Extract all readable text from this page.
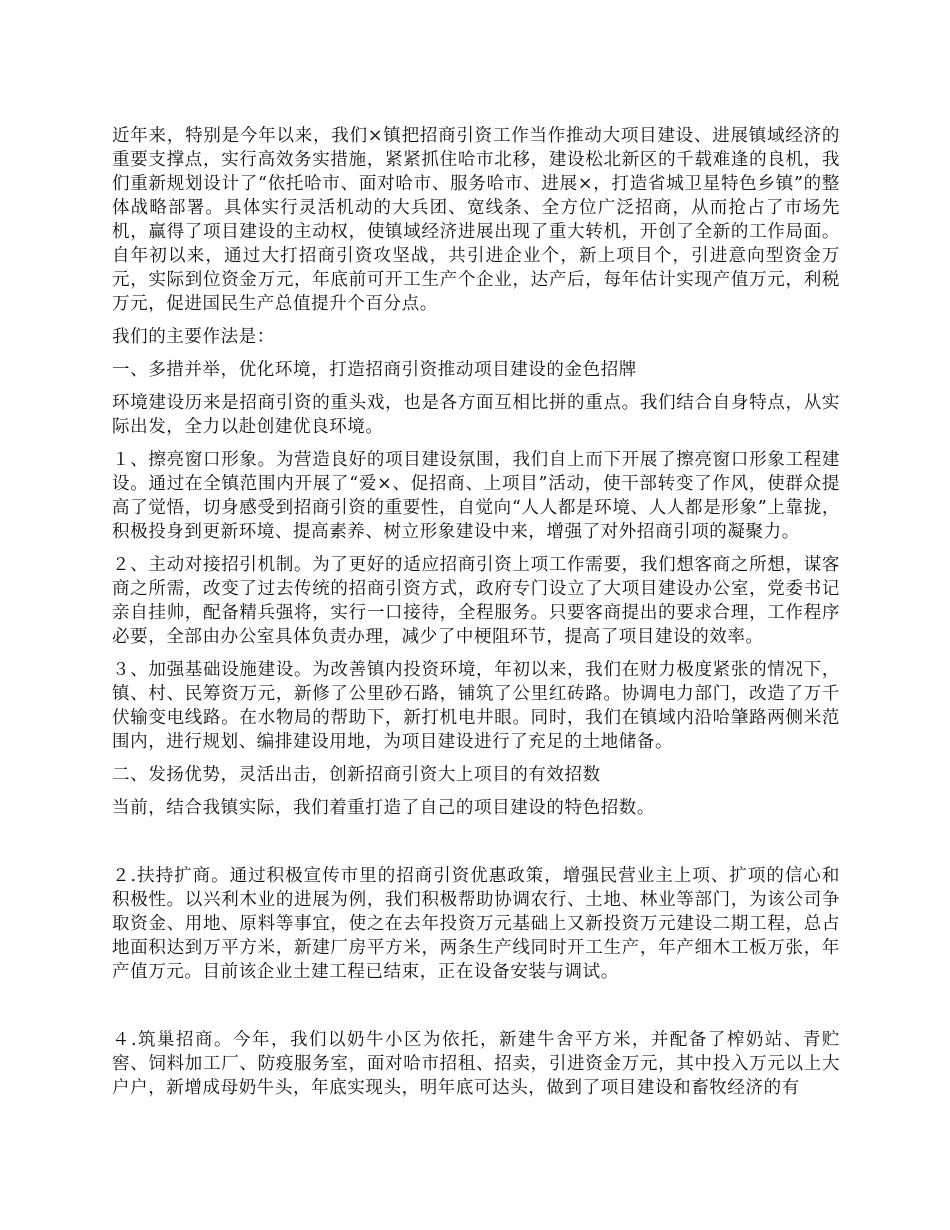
近年来，特别是今年以来，我们×镇把招商引资工作当作推动大项目建设、进展镇域经济的重要支撑点，实行高效务实措施，紧紧抓住哈市北移，建设松北新区的千载难逢的良机，我们重新规划设计了“依托哈市、面对哈市、服务哈市、进展×，打造省城卫星特色乡镇”的整体战略部署。具体实行灵活机动的大兵团、宽线条、全方位广泛招商，从而抢占了市场先机，赢得了项目建设的主动权，使镇域经济进展出现了重大转机，开创了全新的工作局面。自年初以来，通过大打招商引资攻坚战，共引进企业个，新上项目个，引进意向型资金万元，实际到位资金万元，年底前可开工生产个企业，达产后，每年估计实现产值万元，利税万元，促进国民生产总值提升个百分点。

我们的主要作法是：

一、多措并举，优化环境，打造招商引资推动项目建设的金色招牌

环境建设历来是招商引资的重头戏，也是各方面互相比拼的重点。我们结合自身特点，从实际出发，全力以赴创建优良环境。

１、擦亮窗口形象。为营造良好的项目建设氛围，我们自上而下开展了擦亮窗口形象工程建设。通过在全镇范围内开展了“爱×、促招商、上项目”活动，使干部转变了作风，使群众提高了觉悟，切身感受到招商引资的重要性，自觉向“人人都是环境、人人都是形象”上靠拢，积极投身到更新环境、提高素养、树立形象建设中来，增强了对外招商引项的凝聚力。

２、主动对接招引机制。为了更好的适应招商引资上项工作需要，我们想客商之所想，谋客商之所需，改变了过去传统的招商引资方式，政府专门设立了大项目建设办公室，党委书记亲自挂帅，配备精兵强将，实行一口接待，全程服务。只要客商提出的要求合理，工作程序必要，全部由办公室具体负责办理，减少了中梗阻环节，提高了项目建设的效率。

３、加强基础设施建设。为改善镇内投资环境，年初以来，我们在财力极度紧张的情况下，镇、村、民筹资万元，新修了公里砂石路，铺筑了公里红砖路。协调电力部门，改造了万千伏输变电线路。在水物局的帮助下，新打机电井眼。同时，我们在镇域内沿哈肇路两侧米范围内，进行规划、编排建设用地，为项目建设进行了充足的土地储备。

二、发扬优势，灵活出击，创新招商引资大上项目的有效招数

当前，结合我镇实际，我们着重打造了自己的项目建设的特色招数。

２.扶持扩商。通过积极宣传市里的招商引资优惠政策，增强民营业主上项、扩项的信心和积极性。以兴利木业的进展为例，我们积极帮助协调农行、土地、林业等部门，为该公司争取资金、用地、原料等事宜，使之在去年投资万元基础上又新投资万元建设二期工程，总占地面积达到万平方米，新建厂房平方米，两条生产线同时开工生产，年产细木工板万张，年产值万元。目前该企业土建工程已结束，正在设备安装与调试。

４.筑巢招商。今年，我们以奶牛小区为依托，新建牛舍平方米，并配备了榨奶站、青贮窖、饲料加工厂、防疫服务室，面对哈市招租、招卖，引进资金万元，其中投入万元以上大户户，新增成母奶牛头，年底实现头，明年底可达头，做到了项目建设和畜牧经济的有
